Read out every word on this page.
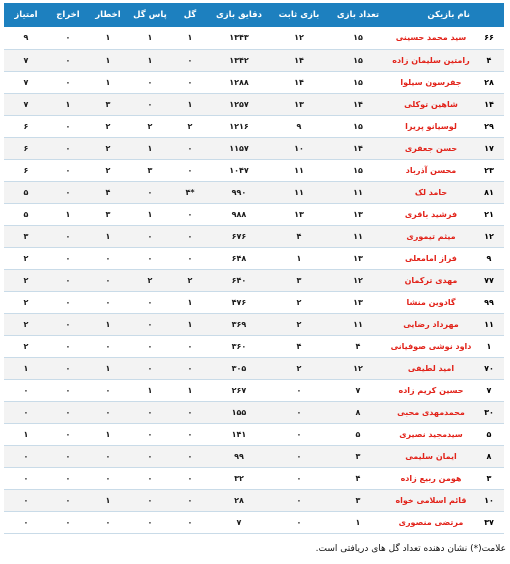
نام بازیکن		تعداد بازی	بازی ثابت	دقایق بازی	گل	پاس گل	اخطار	اخراج	امتیاز
۶۶	سید محمد حسینی	۱۵	۱۲	۱۳۴۳	۱	۱	۱	۰	۹
۴	رامتین سلیمان زاده	۱۵	۱۴	۱۳۴۲	۰	۱	۱	۰	۷
۲۸	جفرسون سیلوا	۱۵	۱۴	۱۲۸۸	۰	۰	۱	۰	۷
۱۴	شاهین توکلی	۱۴	۱۳	۱۲۵۷	۱	۰	۳	۱	۷
۲۹	لوسیانو پریرا	۱۵	۹	۱۲۱۶	۲	۲	۲	۰	۶
۱۷	حسن جعفری	۱۴	۱۰	۱۱۵۷	۰	۱	۲	۰	۶
۲۳	محسن آذرباد	۱۵	۱۱	۱۰۴۷	۰	۳	۲	۰	۶
۸۱	حامد لک	۱۱	۱۱	۹۹۰	*۴	۰	۴	۰	۵
۲۱	فرشید باقری	۱۳	۱۳	۹۸۸	۰	۱	۳	۱	۵
۱۲	میثم تیموری	۱۱	۴	۶۷۶	۰	۰	۱	۰	۳
۹	فراز امامعلی	۱۳	۱	۶۴۸	۰	۰	۰	۰	۲
۷۷	مهدی ترکمان	۱۲	۳	۶۴۰	۲	۲	۰	۰	۲
۹۹	گادوین منشا	۱۳	۲	۴۷۶	۱	۰	۰	۰	۲
۱۱	مهرداد رضایی	۱۱	۲	۳۶۹	۱	۰	۱	۰	۲
۱	داود نوشی صوفیانی	۴	۴	۳۶۰	۰	۰	۰	۰	۲
۷۰	امید لطیفی	۱۲	۲	۳۰۵	۰	۰	۱	۰	۱
۷	حسین کریم زاده	۷	۰	۲۶۷	۱	۱	۰	۰	۰
۳۰	محمدمهدی محبی	۸	۰	۱۵۵	۰	۰	۰	۰	۰
۵	سیدمجید نصیری	۵	۰	۱۴۱	۰	۰	۱	۰	۱
۸	ایمان سلیمی	۳	۰	۹۹	۰	۰	۰	۰	۰
۳	هومن ربیع زاده	۴	۰	۳۲	۰	۰	۰	۰	۰
۱۰	قائم اسلامی خواه	۳	۰	۲۸	۰	۰	۱	۰	۰
۳۷	مرتضی منصوری	۱	۰	۷	۰	۰	۰	۰	۰
علامت(*) نشان دهنده تعداد گل های دریافتی است.
